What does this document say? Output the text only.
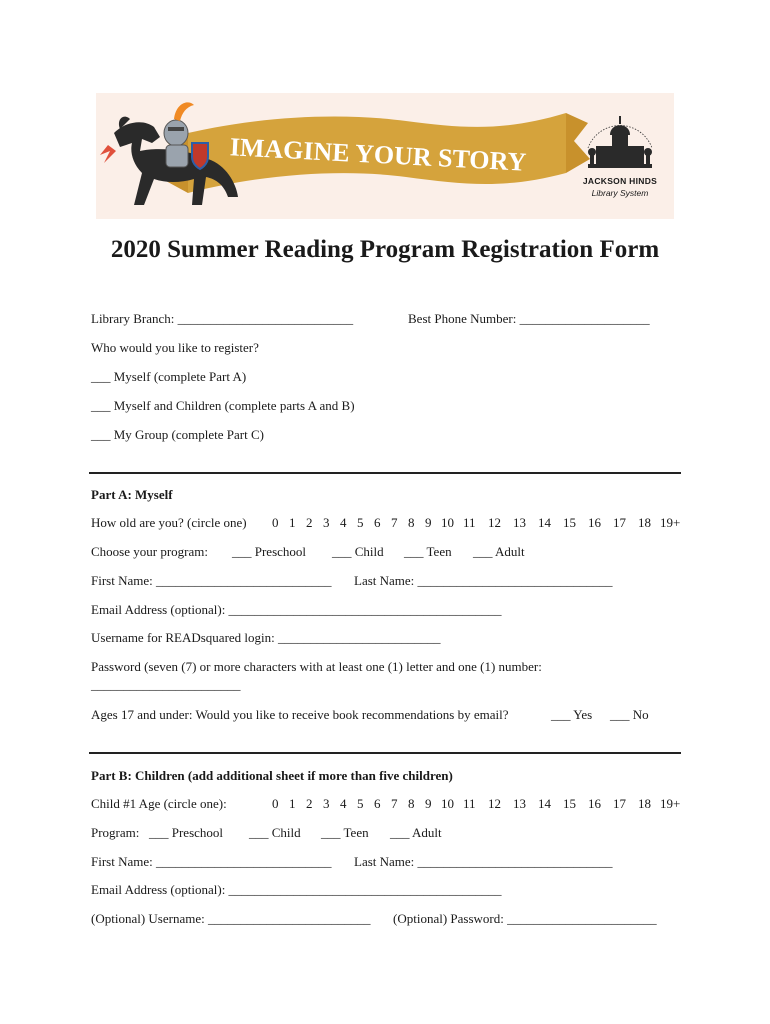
IMAGINE YOUR STORY
JACKSON HINDS
Library System
2020 Summer Reading Program Registration Form
Library Branch: ___________________________	Best Phone Number: ____________________
Who would you like to register?
___ Myself (complete Part A)
___ Myself and Children (complete parts A and B)
___ My Group (complete Part C)
Part A: Myself
How old are you? (circle one) 0 1 2 3 4 5 6 7 8 9 10 11 12 13 14 15 16 17 18 19+
Choose your program: ___ Preschool ___ Child ___ Teen ___ Adult
First Name: ___________________________ Last Name: ______________________________
Email Address (optional): __________________________________________
Username for READsquared login: _________________________
Password (seven (7) or more characters with at least one (1) letter and one (1) number:
_______________________
Ages 17 and under: Would you like to receive book recommendations by email?	___ Yes ___ No
Part B: Children (add additional sheet if more than five children)
Child #1 Age (circle one):	0 1 2 3 4 5 6 7 8 9 10 11 12 13 14 15 16 17 18 19+
Program: ___ Preschool ___ Child ___ Teen ___ Adult
First Name: ___________________________ Last Name: ______________________________
Email Address (optional): __________________________________________
(Optional) Username: _________________________ (Optional) Password: _______________________
